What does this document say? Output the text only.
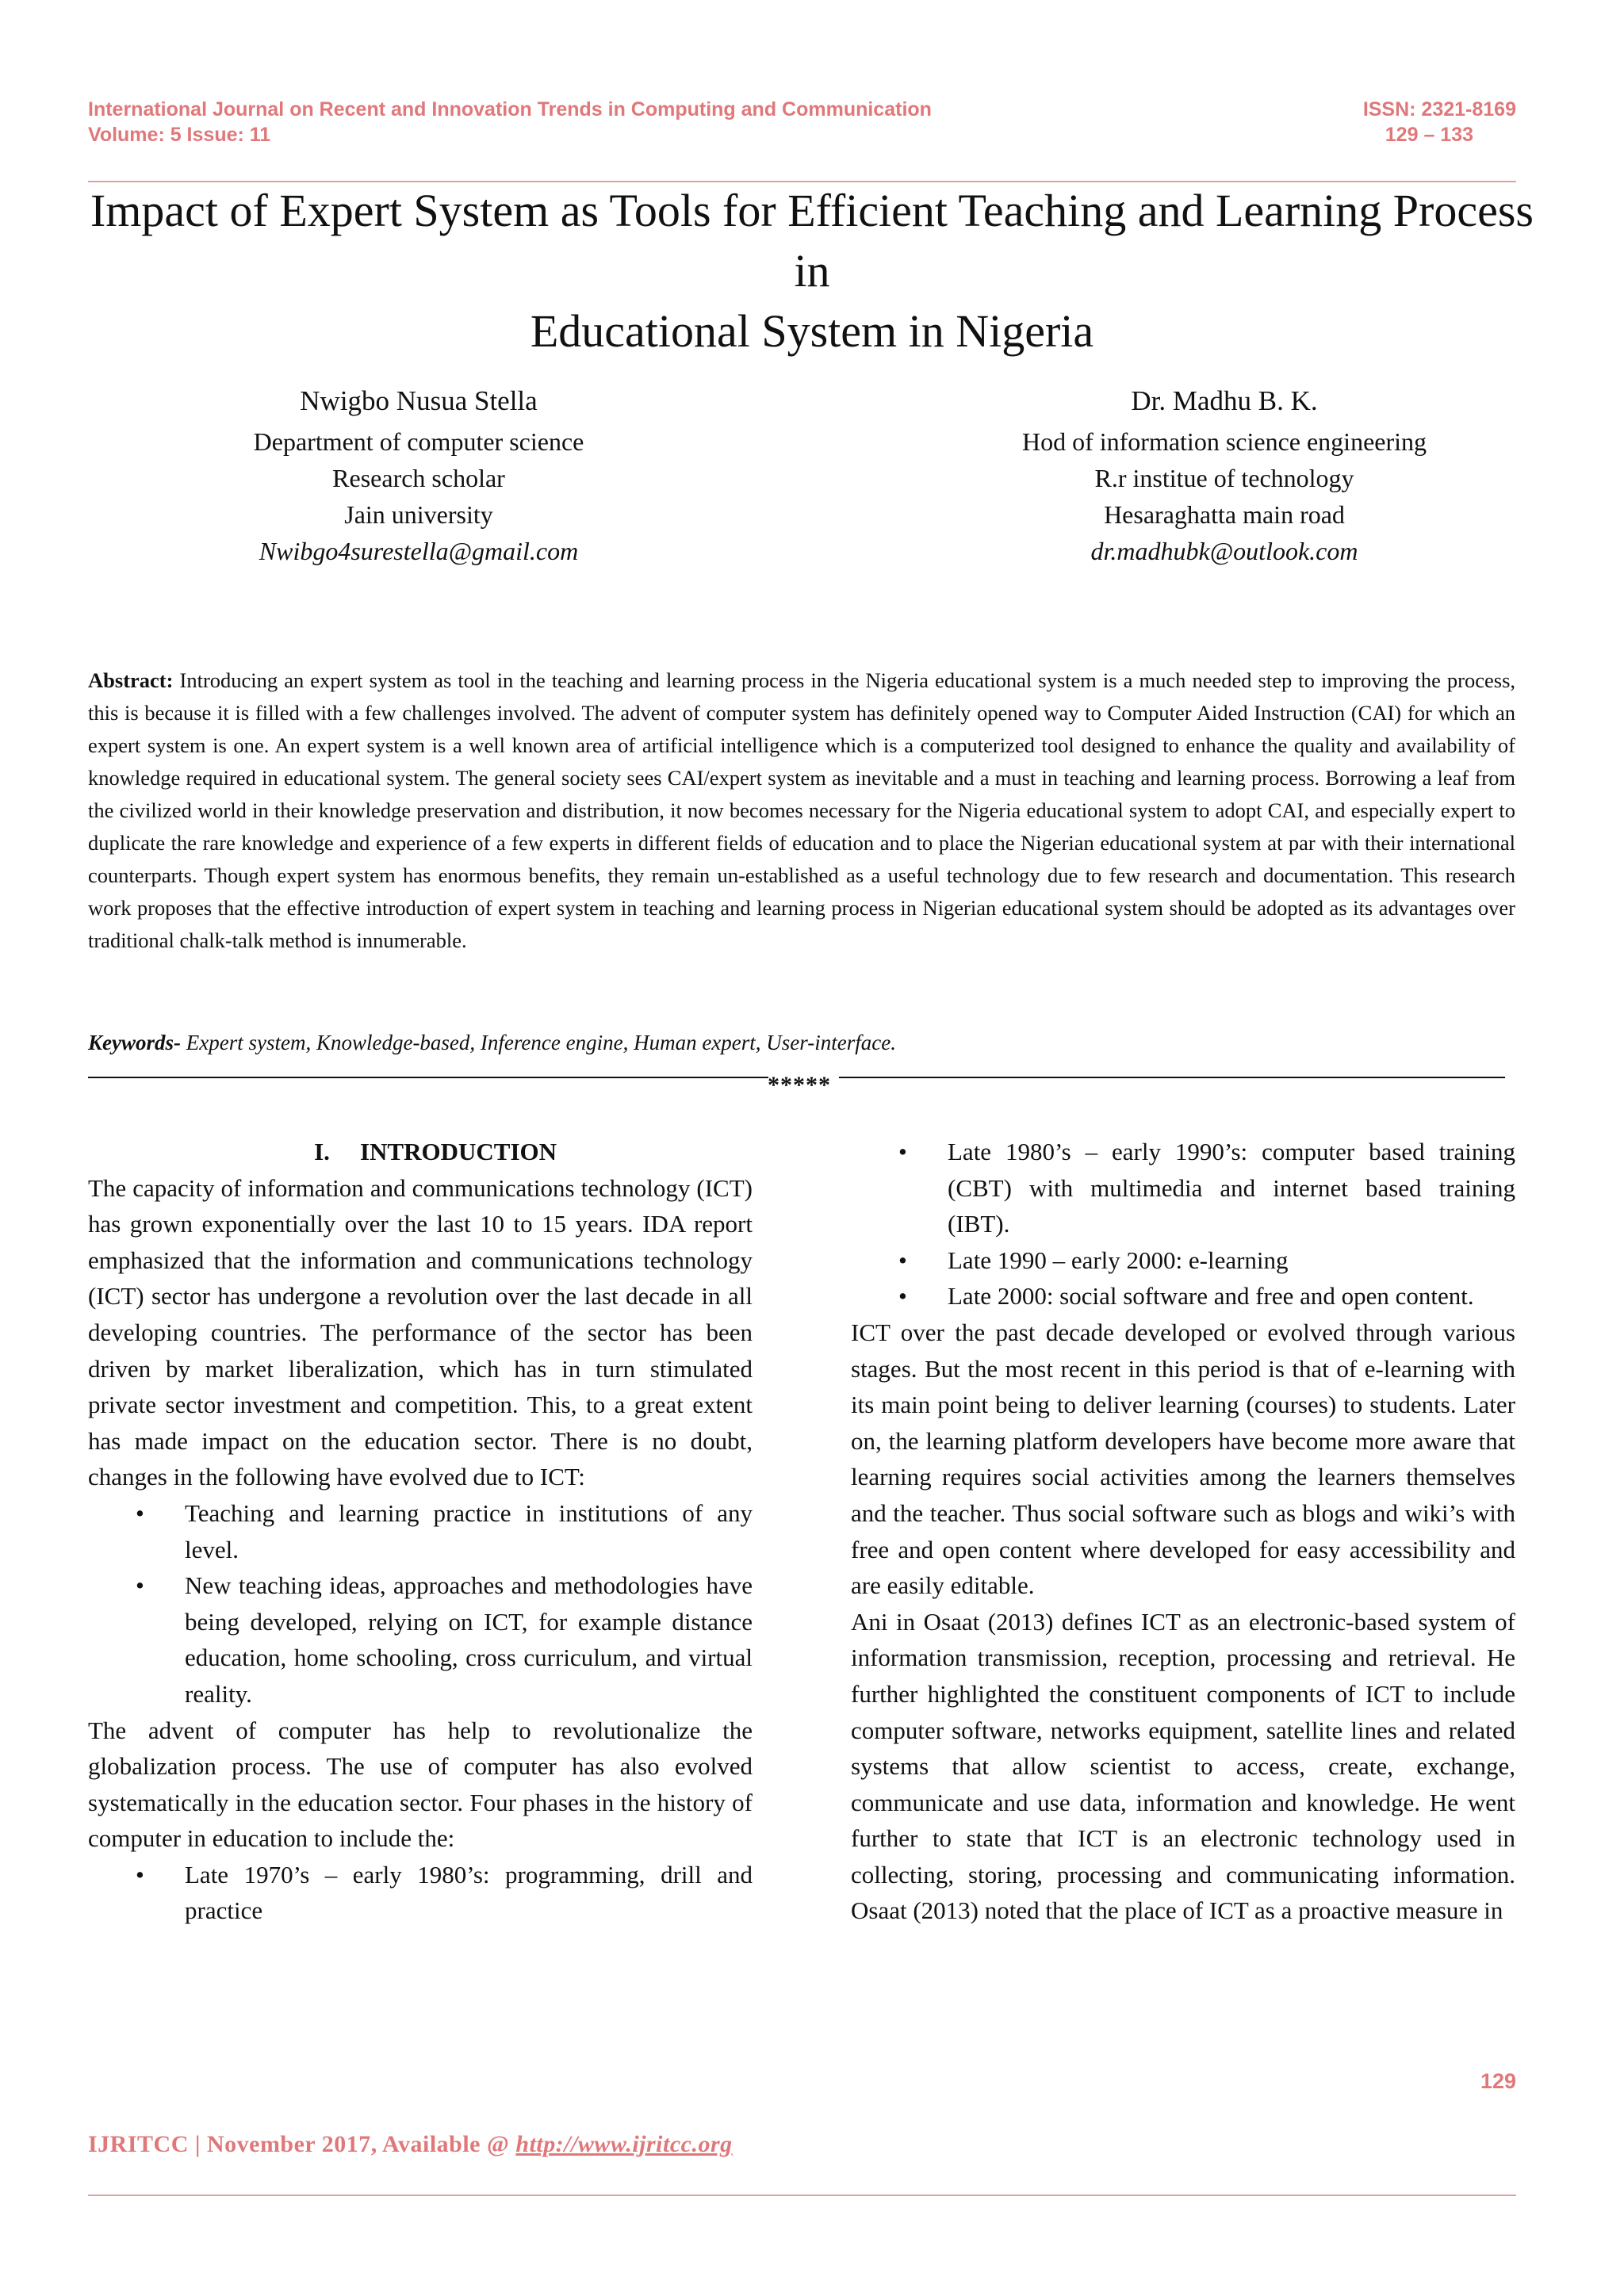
International Journal on Recent and Innovation Trends in Computing and Communication
Volume: 5 Issue: 11
ISSN: 2321-8169
129 – 133
Impact of Expert System as Tools for Efficient Teaching and Learning Process in
Educational System in Nigeria
Nwigbo Nusua Stella
Department of computer science
Research scholar
Jain university
Nwibgo4surestella@gmail.com
Dr. Madhu B. K.
Hod of information science engineering
R.r institue of technology
Hesaraghatta main road
dr.madhubk@outlook.com
Abstract: Introducing an expert system as tool in the teaching and learning process in the Nigeria educational system is a much needed step to improving the process, this is because it is filled with a few challenges involved. The advent of computer system has definitely opened way to Computer Aided Instruction (CAI) for which an expert system is one. An expert system is a well known area of artificial intelligence which is a computerized tool designed to enhance the quality and availability of knowledge required in educational system. The general society sees CAI/expert system as inevitable and a must in teaching and learning process. Borrowing a leaf from the civilized world in their knowledge preservation and distribution, it now becomes necessary for the Nigeria educational system to adopt CAI, and especially expert to duplicate the rare knowledge and experience of a few experts in different fields of education and to place the Nigerian educational system at par with their international counterparts. Though expert system has enormous benefits, they remain un-established as a useful technology due to few research and documentation. This research work proposes that the effective introduction of expert system in teaching and learning process in Nigerian educational system should be adopted as its advantages over traditional chalk-talk method is innumerable.
Keywords- Expert system, Knowledge-based, Inference engine, Human expert, User-interface.
*****
I. INTRODUCTION

The capacity of information and communications technology (ICT) has grown exponentially over the last 10 to 15 years. IDA report emphasized that the information and communications technology (ICT) sector has undergone a revolution over the last decade in all developing countries. The performance of the sector has been driven by market liberalization, which has in turn stimulated private sector investment and competition. This, to a great extent has made impact on the education sector. There is no doubt, changes in the following have evolved due to ICT:

• Teaching and learning practice in institutions of any level.
• New teaching ideas, approaches and methodologies have being developed, relying on ICT, for example distance education, home schooling, cross curriculum, and virtual reality.

The advent of computer has help to revolutionalize the globalization process. The use of computer has also evolved systematically in the education sector. Four phases in the history of computer in education to include the:

• Late 1970’s – early 1980’s: programming, drill and practice
• Late 1980’s – early 1990’s: computer based training (CBT) with multimedia and internet based training (IBT).
• Late 1990 – early 2000: e-learning
• Late 2000: social software and free and open content.

ICT over the past decade developed or evolved through various stages. But the most recent in this period is that of e-learning with its main point being to deliver learning (courses) to students. Later on, the learning platform developers have become more aware that learning requires social activities among the learners themselves and the teacher. Thus social software such as blogs and wiki’s with free and open content where developed for easy accessibility and are easily editable.

Ani in Osaat (2013) defines ICT as an electronic-based system of information transmission, reception, processing and retrieval. He further highlighted the constituent components of ICT to include computer software, networks equipment, satellite lines and related systems that allow scientist to access, create, exchange, communicate and use data, information and knowledge. He went further to state that ICT is an electronic technology used in collecting, storing, processing and communicating information. Osaat (2013) noted that the place of ICT as a proactive measure in

129
IJRITCC | November 2017, Available @ http://www.ijritcc.org
